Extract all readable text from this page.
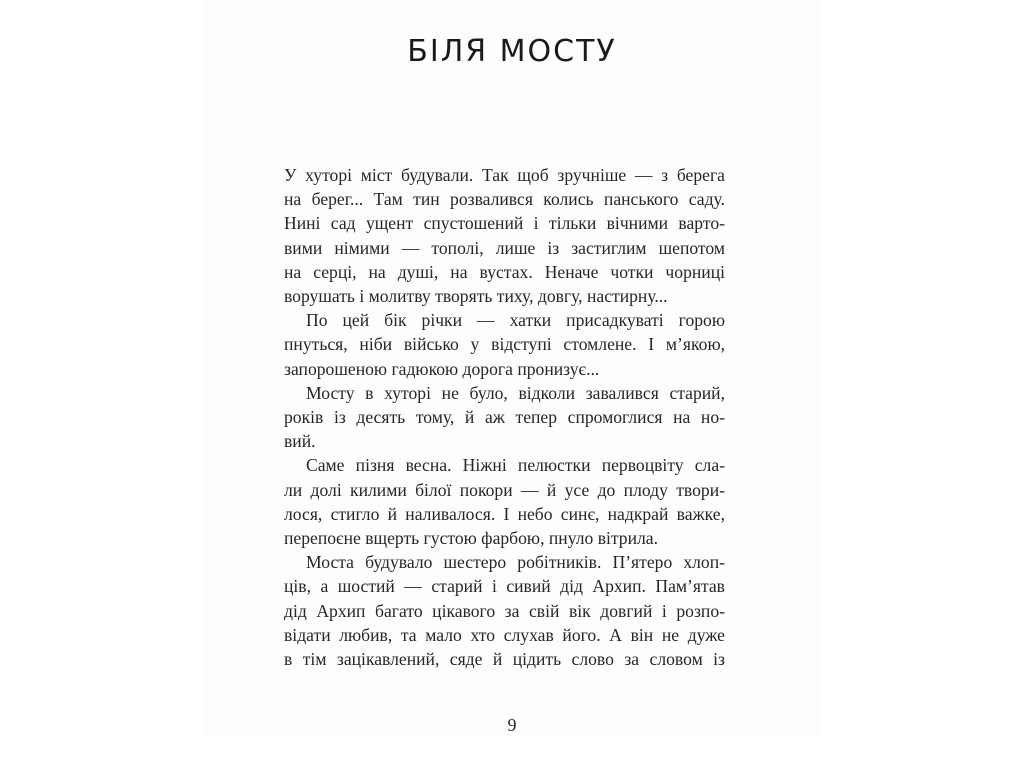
БІЛЯ МОСТУ

У хуторі міст будували. Так щоб зручніше — з берега

на берег... Там тин розвалився колись панського саду.

Нині сад ущент спустошений і тільки вічними варто-

вими німими — тополі, лише із застиглим шепотом

на серці, на душі, на вустах. Неначе чотки чорниці

ворушать і молитву творять тиху, довгу, настирну...

По цей бік річки — хатки присадкуваті горою

пнуться, ніби військо у відступі стомлене. І м’якою,

запорошеною гадюкою дорога пронизує...

Мосту в хуторі не було, відколи завалився старий,

років із десять тому, й аж тепер спромоглися на но-

вий.

Саме пізня весна. Ніжні пелюстки первоцвіту сла-

ли долі килими білої покори — й усе до плоду твори-

лося, стигло й наливалося. І небо синє, надкрай важке,

перепоєне вщерть густою фарбою, пнуло вітрила.

Моста будувало шестеро робітників. П’ятеро хлоп-

ців, а шостий — старий і сивий дід Архип. Пам’ятав

дід Архип багато цікавого за свій вік довгий і розпо-

відати любив, та мало хто слухав його. А він не дуже

в тім зацікавлений, сяде й цідить слово за словом із

9
